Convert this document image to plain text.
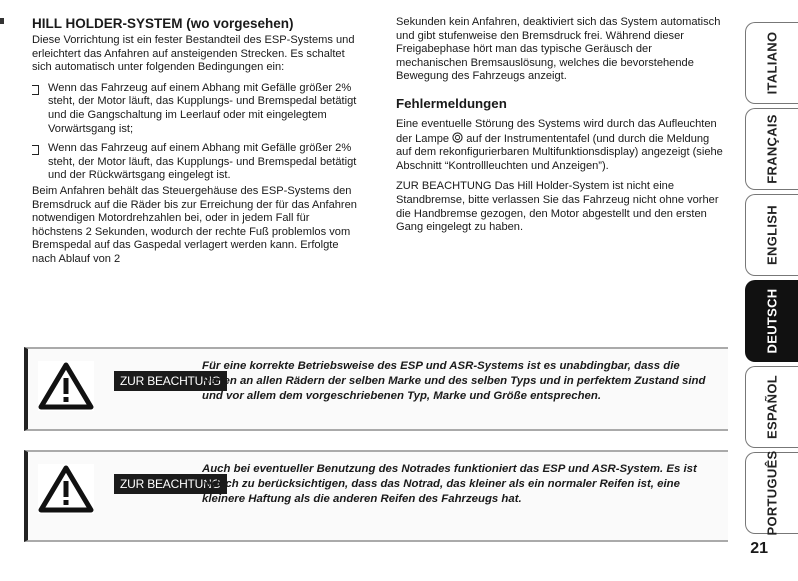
HILL HOLDER-SYSTEM (wo vorgesehen)

Diese Vorrichtung ist ein fester Bestandteil des ESP-Systems und erleichtert das Anfahren auf ansteigenden Strecken. Es schaltet sich automatisch unter folgenden Bedingungen ein:

Wenn das Fahrzeug auf einem Abhang mit Gefälle größer 2% steht, der Motor läuft, das Kupplungs- und Bremspedal betätigt und die Gangschaltung im Leerlauf oder mit eingelegtem Vorwärtsgang ist;
Wenn das Fahrzeug auf einem Abhang mit Gefälle größer 2% steht, der Motor läuft, das Kupplungs- und Bremspedal betätigt und der Rückwärtsgang eingelegt ist.

Beim Anfahren behält das Steuergehäuse des ESP-Systems den Bremsdruck auf die Räder bis zur Erreichung der für das Anfahren notwendigen Motordrehzahlen bei, oder in jedem Fall für höchstens 2 Sekunden, wodurch der rechte Fuß problemlos vom Bremspedal auf das Gaspedal verlagert werden kann. Erfolgte nach Ablauf von 2

Sekunden kein Anfahren, deaktiviert sich das System automatisch und gibt stufenweise den Bremsdruck frei. Während dieser Freigabephase hört man das typische Geräusch der mechanischen Bremsauslösung, welches die bevorstehende Bewegung des Fahrzeugs anzeigt.

Fehlermeldungen

Eine eventuelle Störung des Systems wird durch das Aufleuchten der Lampe auf der Instrumententafel (und durch die Meldung auf dem rekonfigurierbaren Multifunktionsdisplay) angezeigt (siehe Abschnitt “Kontrollleuchten und Anzeigen”).

ZUR BEACHTUNG Das Hill Holder-System ist nicht eine Standbremse, bitte verlassen Sie das Fahrzeug nicht ohne vorher die Handbremse gezogen, den Motor abgestellt und den ersten Gang eingelegt zu haben.

ZUR BEACHTUNG
Für eine korrekte Betriebsweise des ESP und ASR-Systems ist es unabdingbar, dass die Reifen an allen Rädern der selben Marke und des selben Typs und in perfektem Zustand sind und vor allem dem vorgeschriebenen Typ, Marke und Größe entsprechen.
ZUR BEACHTUNG
Auch bei eventueller Benutzung des Notrades funktioniert das ESP und ASR-System. Es ist jedoch zu berücksichtigen, dass das Notrad, das kleiner als ein normaler Reifen ist, eine kleinere Haftung als die anderen Reifen des Fahrzeugs hat.
ITALIANO
FRANÇAIS
ENGLISH
DEUTSCH
ESPAÑOL
PORTUGUÊS
21
